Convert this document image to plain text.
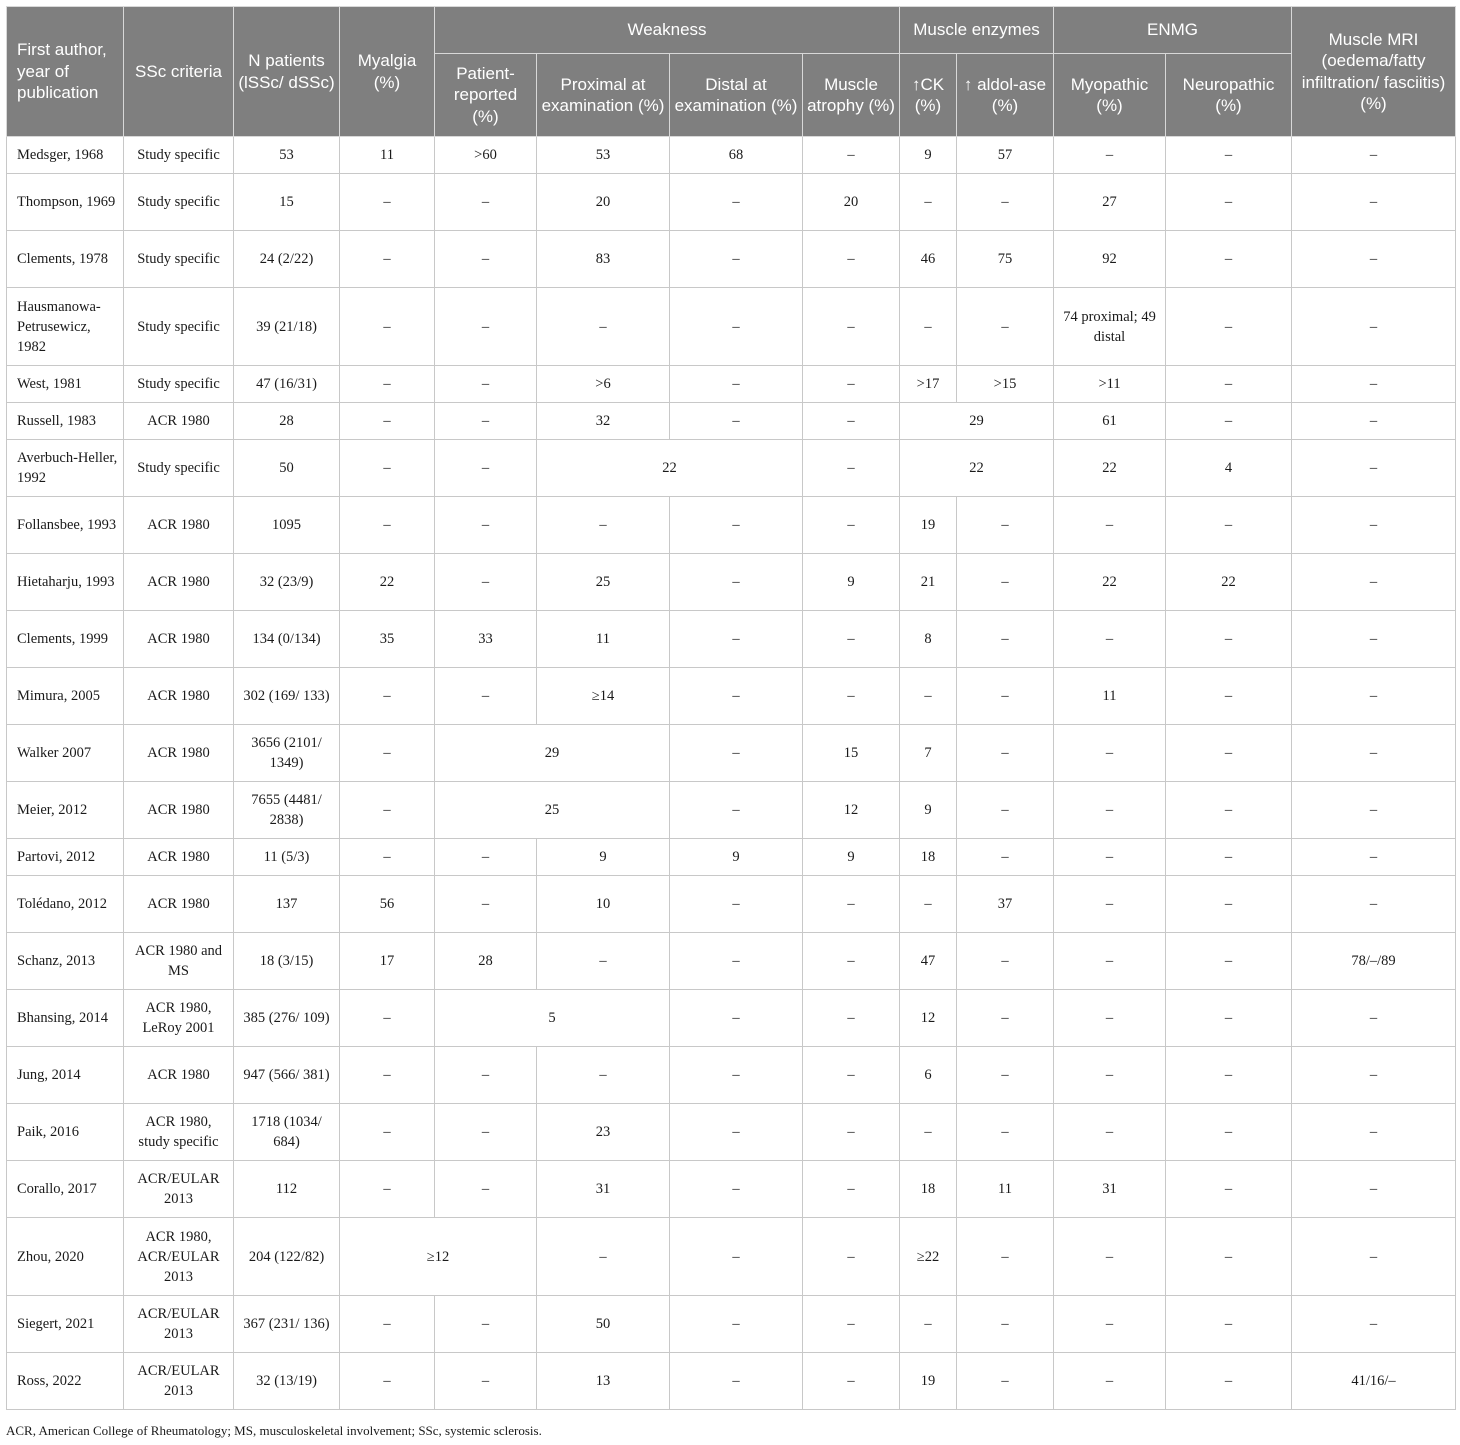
First author, year of publication	SSc criteria	N patients (lSSc/ dSSc)	Myalgia (%)	Weakness				Muscle enzymes		ENMG		Muscle MRI (oedema/fatty infiltration/ fasciitis) (%)
				Patient-reported (%)	Proximal at examination (%)	Distal at examination (%)	Muscle atrophy (%)	↑CK (%)	↑ aldol-ase (%)	Myopathic (%)	Neuropathic (%)	
Medsger, 1968	Study specific	53	11	>60	53	68	–	9	57	–	–	–
Thompson, 1969	Study specific	15	–	–	20	–	20	–	–	27	–	–
Clements, 1978	Study specific	24 (2/22)	–	–	83	–	–	46	75	92	–	–
Hausmanowa-Petrusewicz, 1982	Study specific	39 (21/18)	–	–	–	–	–	–	–	74 proximal; 49 distal	–	–
West, 1981	Study specific	47 (16/31)	–	–	>6	–	–	>17	>15	>11	–	–
Russell, 1983	ACR 1980	28	–	–	32	–	–	29		61	–	–
Averbuch-Heller, 1992	Study specific	50	–	–	22		–	22		22	4	–
Follansbee, 1993	ACR 1980	1095	–	–	–	–	–	19	–	–	–	–
Hietaharju, 1993	ACR 1980	32 (23/9)	22	–	25	–	9	21	–	22	22	–
Clements, 1999	ACR 1980	134 (0/134)	35	33	11	–	–	8	–	–	–	–
Mimura, 2005	ACR 1980	302 (169/ 133)	–	–	≥14	–	–	–	–	11	–	–
Walker 2007	ACR 1980	3656 (2101/ 1349)	–	29		–	15	7	–	–	–	–
Meier, 2012	ACR 1980	7655 (4481/ 2838)	–	25		–	12	9	–	–	–	–
Partovi, 2012	ACR 1980	11 (5/3)	–	–	9	9	9	18	–	–	–	–
Tolédano, 2012	ACR 1980	137	56	–	10	–	–	–	37	–	–	–
Schanz, 2013	ACR 1980 and MS	18 (3/15)	17	28	–	–	–	47	–	–	–	78/–/89
Bhansing, 2014	ACR 1980, LeRoy 2001	385 (276/ 109)	–	5		–	–	12	–	–	–	–
Jung, 2014	ACR 1980	947 (566/ 381)	–	–	–	–	–	6	–	–	–	–
Paik, 2016	ACR 1980, study specific	1718 (1034/ 684)	–	–	23	–	–	–	–	–	–	–
Corallo, 2017	ACR/EULAR 2013	112	–	–	31	–	–	18	11	31	–	–
Zhou, 2020	ACR 1980, ACR/EULAR 2013	204 (122/82)	≥12		–	–	–	≥22	–	–	–	–
Siegert, 2021	ACR/EULAR 2013	367 (231/ 136)	–	–	50	–	–	–	–	–	–	–
Ross, 2022	ACR/EULAR 2013	32 (13/19)	–	–	13	–	–	19	–	–	–	41/16/–
ACR, American College of Rheumatology; MS, musculoskeletal involvement; SSc, systemic sclerosis.
